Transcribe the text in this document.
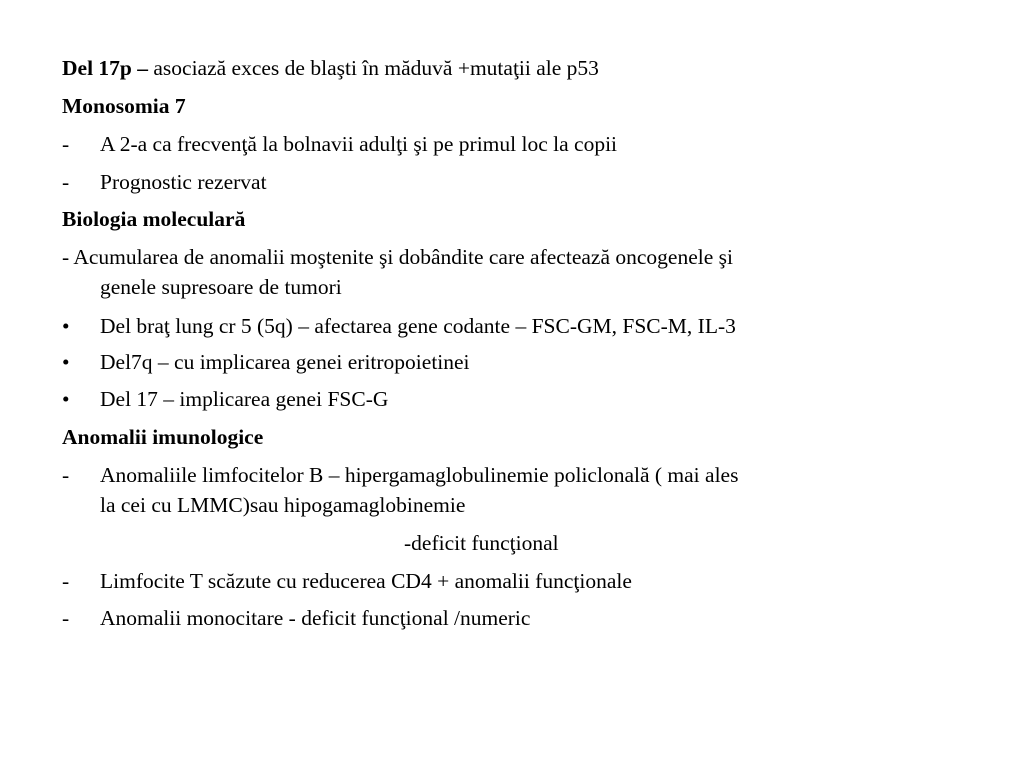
Del 17p – asociază exces de blaşti în măduvă +mutaţii ale p53
Monosomia 7
- A 2-a ca frecvenţă la bolnavii adulţi şi pe primul loc la copii
- Prognostic rezervat
Biologia moleculară
- Acumularea de anomalii moştenite şi dobândite care afectează oncogenele şi
genele supresoare de tumori
• Del braţ lung cr 5 (5q) – afectarea gene codante – FSC-GM, FSC-M, IL-3
• Del7q – cu implicarea genei eritropoietinei
• Del 17 – implicarea genei FSC-G
Anomalii imunologice
- Anomaliile limfocitelor B – hipergamaglobulinemie policlonală ( mai ales
la cei cu LMMC)sau hipogamaglobinemie
-deficit funcţional
- Limfocite T scăzute cu reducerea CD4 + anomalii funcţionale
- Anomalii monocitare - deficit funcţional /numeric
